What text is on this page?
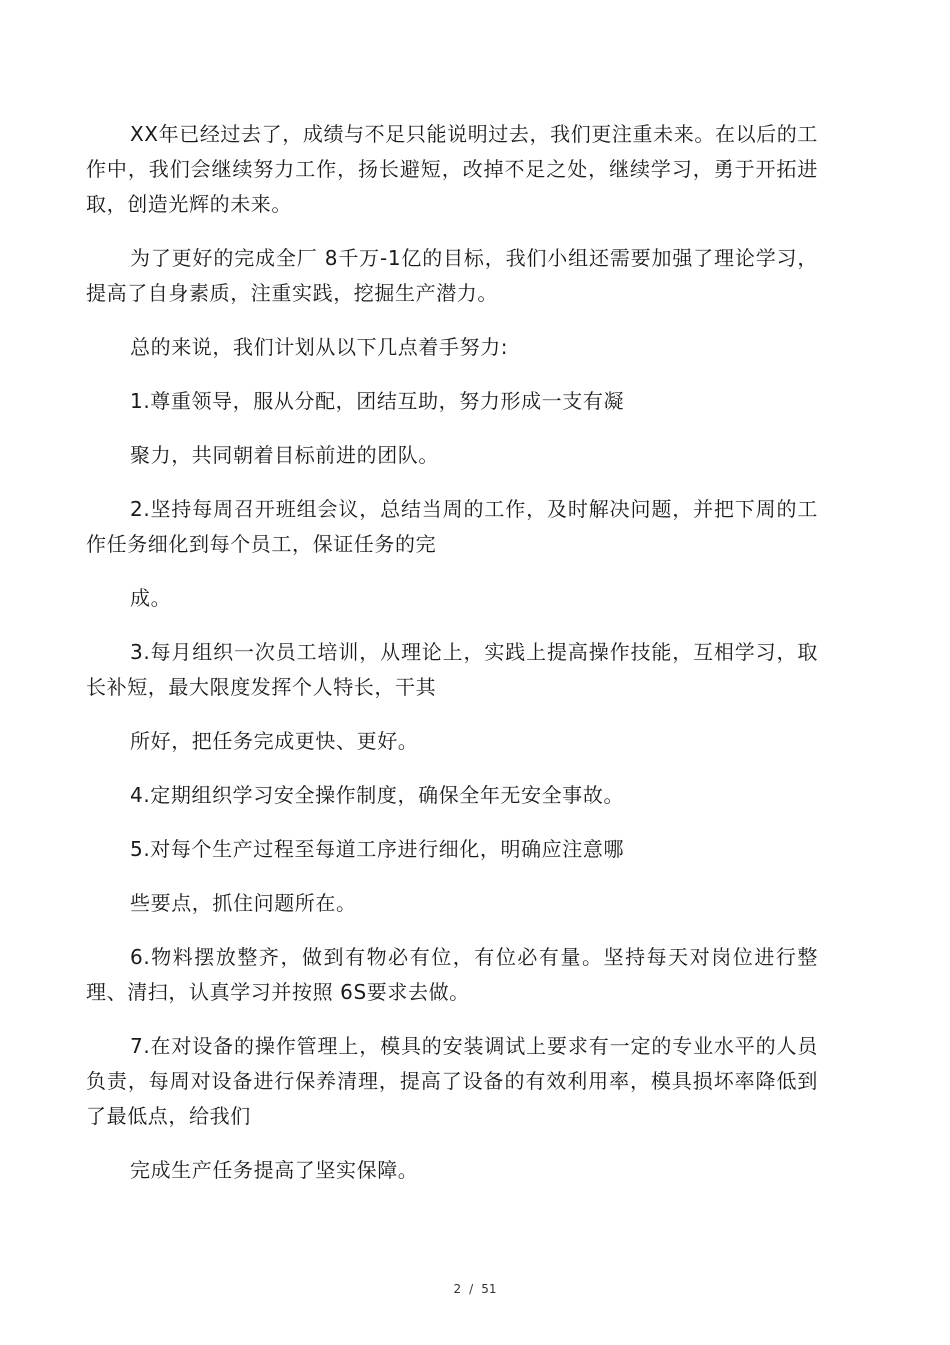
XX年已经过去了，成绩与不足只能说明过去，我们更注重未来。在以后的工作中，我们会继续努力工作，扬长避短，改掉不足之处，继续学习，勇于开拓进取，创造光辉的未来。

为了更好的完成全厂 8千万-1亿的目标，我们小组还需要加强了理论学习，提高了自身素质，注重实践，挖掘生产潜力。

总的来说，我们计划从以下几点着手努力:

1.尊重领导，服从分配，团结互助，努力形成一支有凝

聚力，共同朝着目标前进的团队。

2.坚持每周召开班组会议，总结当周的工作，及时解决问题，并把下周的工作任务细化到每个员工，保证任务的完

成。

3.每月组织一次员工培训，从理论上，实践上提高操作技能，互相学习，取长补短，最大限度发挥个人特长，干其

所好，把任务完成更快、更好。

4.定期组织学习安全操作制度，确保全年无安全事故。

5.对每个生产过程至每道工序进行细化，明确应注意哪

些要点，抓住问题所在。

6.物料摆放整齐，做到有物必有位，有位必有量。坚持每天对岗位进行整理、清扫，认真学习并按照 6S要求去做。

7.在对设备的操作管理上，模具的安装调试上要求有一定的专业水平的人员负责，每周对设备进行保养清理，提高了设备的有效利用率，模具损坏率降低到了最低点，给我们

完成生产任务提高了坚实保障。

2 / 51
